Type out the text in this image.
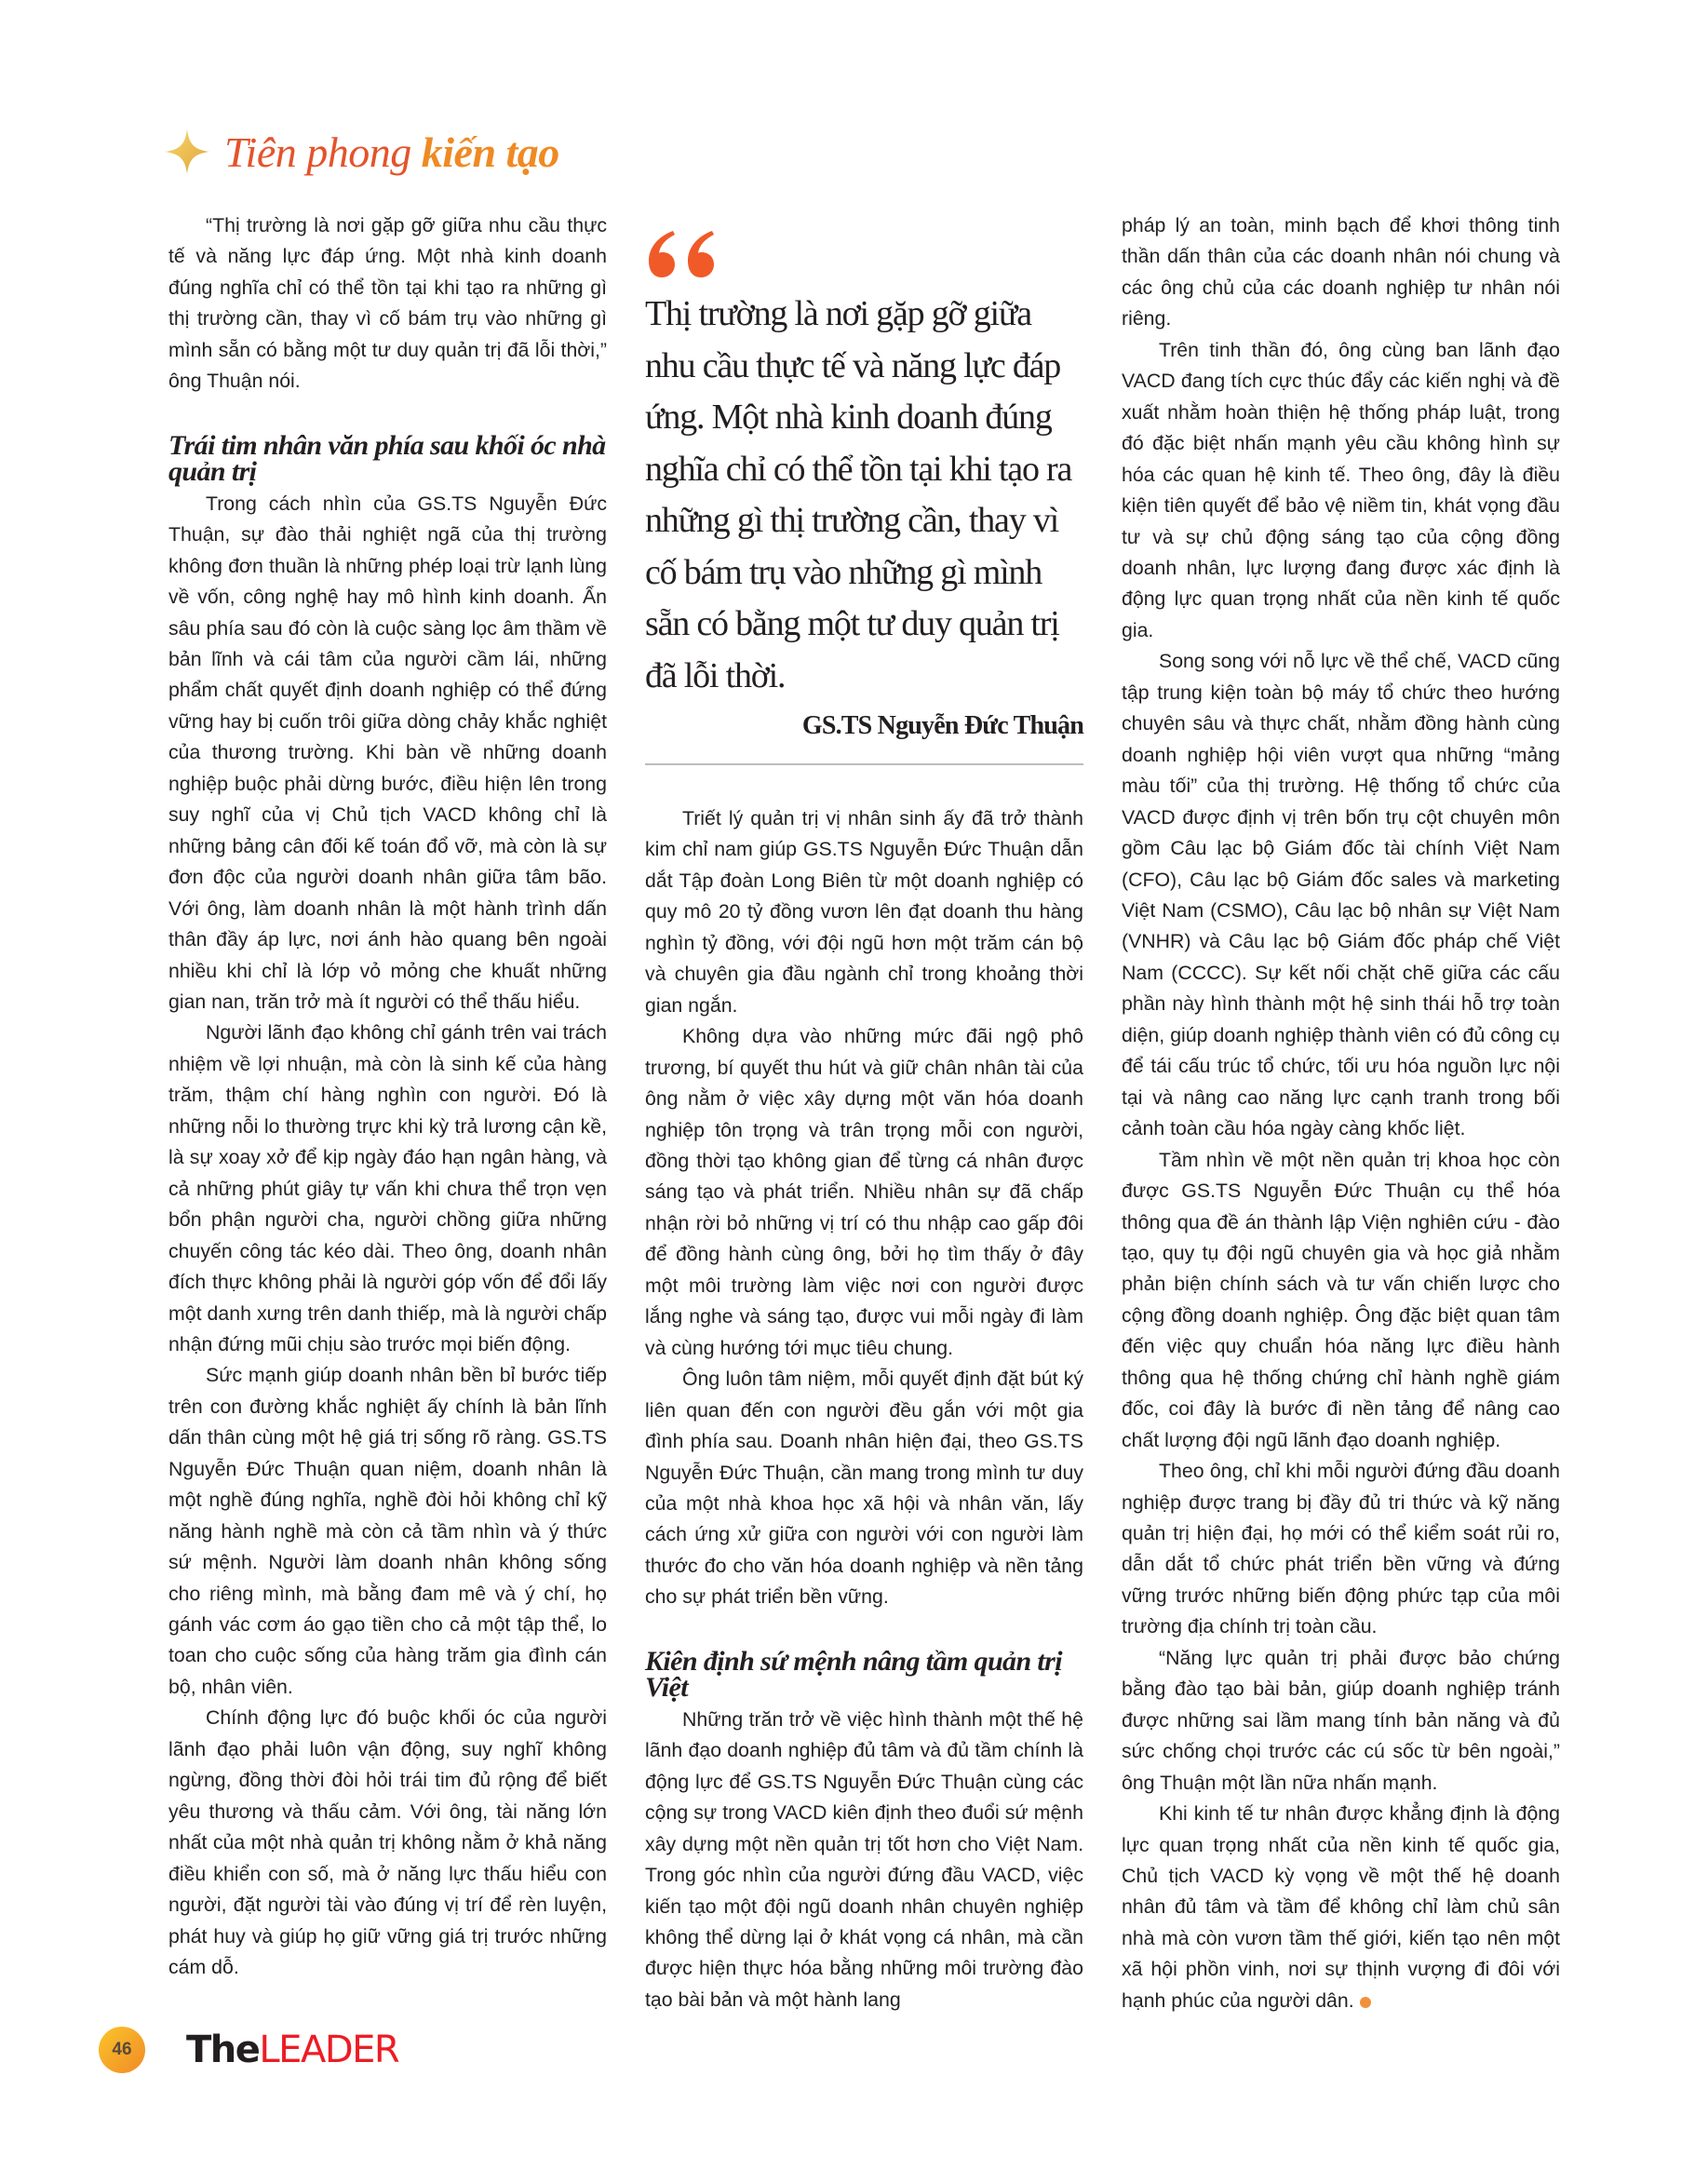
Tiên phong kiến tạo

“Thị trường là nơi gặp gỡ giữa nhu cầu thực tế và năng lực đáp ứng. Một nhà kinh doanh đúng nghĩa chỉ có thể tồn tại khi tạo ra những gì thị trường cần, thay vì cố bám trụ vào những gì mình sẵn có bằng một tư duy quản trị đã lỗi thời,” ông Thuận nói.

Trái tim nhân văn phía sau khối óc nhà quản trị

Trong cách nhìn của GS.TS Nguyễn Đức Thuận, sự đào thải nghiệt ngã của thị trường không đơn thuần là những phép loại trừ lạnh lùng về vốn, công nghệ hay mô hình kinh doanh. Ẩn sâu phía sau đó còn là cuộc sàng lọc âm thầm về bản lĩnh và cái tâm của người cầm lái, những phẩm chất quyết định doanh nghiệp có thể đứng vững hay bị cuốn trôi giữa dòng chảy khắc nghiệt của thương trường. Khi bàn về những doanh nghiệp buộc phải dừng bước, điều hiện lên trong suy nghĩ của vị Chủ tịch VACD không chỉ là những bảng cân đối kế toán đổ vỡ, mà còn là sự đơn độc của người doanh nhân giữa tâm bão. Với ông, làm doanh nhân là một hành trình dấn thân đầy áp lực, nơi ánh hào quang bên ngoài nhiều khi chỉ là lớp vỏ mỏng che khuất những gian nan, trăn trở mà ít người có thể thấu hiểu.

Người lãnh đạo không chỉ gánh trên vai trách nhiệm về lợi nhuận, mà còn là sinh kế của hàng trăm, thậm chí hàng nghìn con người. Đó là những nỗi lo thường trực khi kỳ trả lương cận kề, là sự xoay xở để kịp ngày đáo hạn ngân hàng, và cả những phút giây tự vấn khi chưa thể trọn vẹn bổn phận người cha, người chồng giữa những chuyến công tác kéo dài. Theo ông, doanh nhân đích thực không phải là người góp vốn để đổi lấy một danh xưng trên danh thiếp, mà là người chấp nhận đứng mũi chịu sào trước mọi biến động.

Sức mạnh giúp doanh nhân bền bỉ bước tiếp trên con đường khắc nghiệt ấy chính là bản lĩnh dấn thân cùng một hệ giá trị sống rõ ràng. GS.TS Nguyễn Đức Thuận quan niệm, doanh nhân là một nghề đúng nghĩa, nghề đòi hỏi không chỉ kỹ năng hành nghề mà còn cả tầm nhìn và ý thức sứ mệnh. Người làm doanh nhân không sống cho riêng mình, mà bằng đam mê và ý chí, họ gánh vác cơm áo gạo tiền cho cả một tập thể, lo toan cho cuộc sống của hàng trăm gia đình cán bộ, nhân viên.

Chính động lực đó buộc khối óc của người lãnh đạo phải luôn vận động, suy nghĩ không ngừng, đồng thời đòi hỏi trái tim đủ rộng để biết yêu thương và thấu cảm. Với ông, tài năng lớn nhất của một nhà quản trị không nằm ở khả năng điều khiển con số, mà ở năng lực thấu hiểu con người, đặt người tài vào đúng vị trí để rèn luyện, phát huy và giúp họ giữ vững giá trị trước những cám dỗ.

Thị trường là nơi gặp gỡ giữa nhu cầu thực tế và năng lực đáp ứng. Một nhà kinh doanh đúng nghĩa chỉ có thể tồn tại khi tạo ra những gì thị trường cần, thay vì cố bám trụ vào những gì mình sẵn có bằng một tư duy quản trị đã lỗi thời.
GS.TS Nguyễn Đức Thuận

Triết lý quản trị vị nhân sinh ấy đã trở thành kim chỉ nam giúp GS.TS Nguyễn Đức Thuận dẫn dắt Tập đoàn Long Biên từ một doanh nghiệp có quy mô 20 tỷ đồng vươn lên đạt doanh thu hàng nghìn tỷ đồng, với đội ngũ hơn một trăm cán bộ và chuyên gia đầu ngành chỉ trong khoảng thời gian ngắn.

Không dựa vào những mức đãi ngộ phô trương, bí quyết thu hút và giữ chân nhân tài của ông nằm ở việc xây dựng một văn hóa doanh nghiệp tôn trọng và trân trọng mỗi con người, đồng thời tạo không gian để từng cá nhân được sáng tạo và phát triển. Nhiều nhân sự đã chấp nhận rời bỏ những vị trí có thu nhập cao gấp đôi để đồng hành cùng ông, bởi họ tìm thấy ở đây một môi trường làm việc nơi con người được lắng nghe và sáng tạo, được vui mỗi ngày đi làm và cùng hướng tới mục tiêu chung.

Ông luôn tâm niệm, mỗi quyết định đặt bút ký liên quan đến con người đều gắn với một gia đình phía sau. Doanh nhân hiện đại, theo GS.TS Nguyễn Đức Thuận, cần mang trong mình tư duy của một nhà khoa học xã hội và nhân văn, lấy cách ứng xử giữa con người với con người làm thước đo cho văn hóa doanh nghiệp và nền tảng cho sự phát triển bền vững.

Kiên định sứ mệnh nâng tầm quản trị Việt

Những trăn trở về việc hình thành một thế hệ lãnh đạo doanh nghiệp đủ tâm và đủ tầm chính là động lực để GS.TS Nguyễn Đức Thuận cùng các cộng sự trong VACD kiên định theo đuổi sứ mệnh xây dựng một nền quản trị tốt hơn cho Việt Nam. Trong góc nhìn của người đứng đầu VACD, việc kiến tạo một đội ngũ doanh nhân chuyên nghiệp không thể dừng lại ở khát vọng cá nhân, mà cần được hiện thực hóa bằng những môi trường đào tạo bài bản và một hành lang

pháp lý an toàn, minh bạch để khơi thông tinh thần dấn thân của các doanh nhân nói chung và các ông chủ của các doanh nghiệp tư nhân nói riêng.

Trên tinh thần đó, ông cùng ban lãnh đạo VACD đang tích cực thúc đẩy các kiến nghị và đề xuất nhằm hoàn thiện hệ thống pháp luật, trong đó đặc biệt nhấn mạnh yêu cầu không hình sự hóa các quan hệ kinh tế. Theo ông, đây là điều kiện tiên quyết để bảo vệ niềm tin, khát vọng đầu tư và sự chủ động sáng tạo của cộng đồng doanh nhân, lực lượng đang được xác định là động lực quan trọng nhất của nền kinh tế quốc gia.

Song song với nỗ lực về thể chế, VACD cũng tập trung kiện toàn bộ máy tổ chức theo hướng chuyên sâu và thực chất, nhằm đồng hành cùng doanh nghiệp hội viên vượt qua những “mảng màu tối” của thị trường. Hệ thống tổ chức của VACD được định vị trên bốn trụ cột chuyên môn gồm Câu lạc bộ Giám đốc tài chính Việt Nam (CFO), Câu lạc bộ Giám đốc sales và marketing Việt Nam (CSMO), Câu lạc bộ nhân sự Việt Nam (VNHR) và Câu lạc bộ Giám đốc pháp chế Việt Nam (CCCC). Sự kết nối chặt chẽ giữa các cấu phần này hình thành một hệ sinh thái hỗ trợ toàn diện, giúp doanh nghiệp thành viên có đủ công cụ để tái cấu trúc tổ chức, tối ưu hóa nguồn lực nội tại và nâng cao năng lực cạnh tranh trong bối cảnh toàn cầu hóa ngày càng khốc liệt.

Tầm nhìn về một nền quản trị khoa học còn được GS.TS Nguyễn Đức Thuận cụ thể hóa thông qua đề án thành lập Viện nghiên cứu - đào tạo, quy tụ đội ngũ chuyên gia và học giả nhằm phản biện chính sách và tư vấn chiến lược cho cộng đồng doanh nghiệp. Ông đặc biệt quan tâm đến việc quy chuẩn hóa năng lực điều hành thông qua hệ thống chứng chỉ hành nghề giám đốc, coi đây là bước đi nền tảng để nâng cao chất lượng đội ngũ lãnh đạo doanh nghiệp.

Theo ông, chỉ khi mỗi người đứng đầu doanh nghiệp được trang bị đầy đủ tri thức và kỹ năng quản trị hiện đại, họ mới có thể kiểm soát rủi ro, dẫn dắt tổ chức phát triển bền vững và đứng vững trước những biến động phức tạp của môi trường địa chính trị toàn cầu.

“Năng lực quản trị phải được bảo chứng bằng đào tạo bài bản, giúp doanh nghiệp tránh được những sai lầm mang tính bản năng và đủ sức chống chọi trước các cú sốc từ bên ngoài,” ông Thuận một lần nữa nhấn mạnh.

Khi kinh tế tư nhân được khẳng định là động lực quan trọng nhất của nền kinh tế quốc gia, Chủ tịch VACD kỳ vọng về một thế hệ doanh nhân đủ tâm và tầm để không chỉ làm chủ sân nhà mà còn vươn tầm thế giới, kiến tạo nên một xã hội phồn vinh, nơi sự thịnh vượng đi đôi với hạnh phúc của người dân.

46 TheLEADER
